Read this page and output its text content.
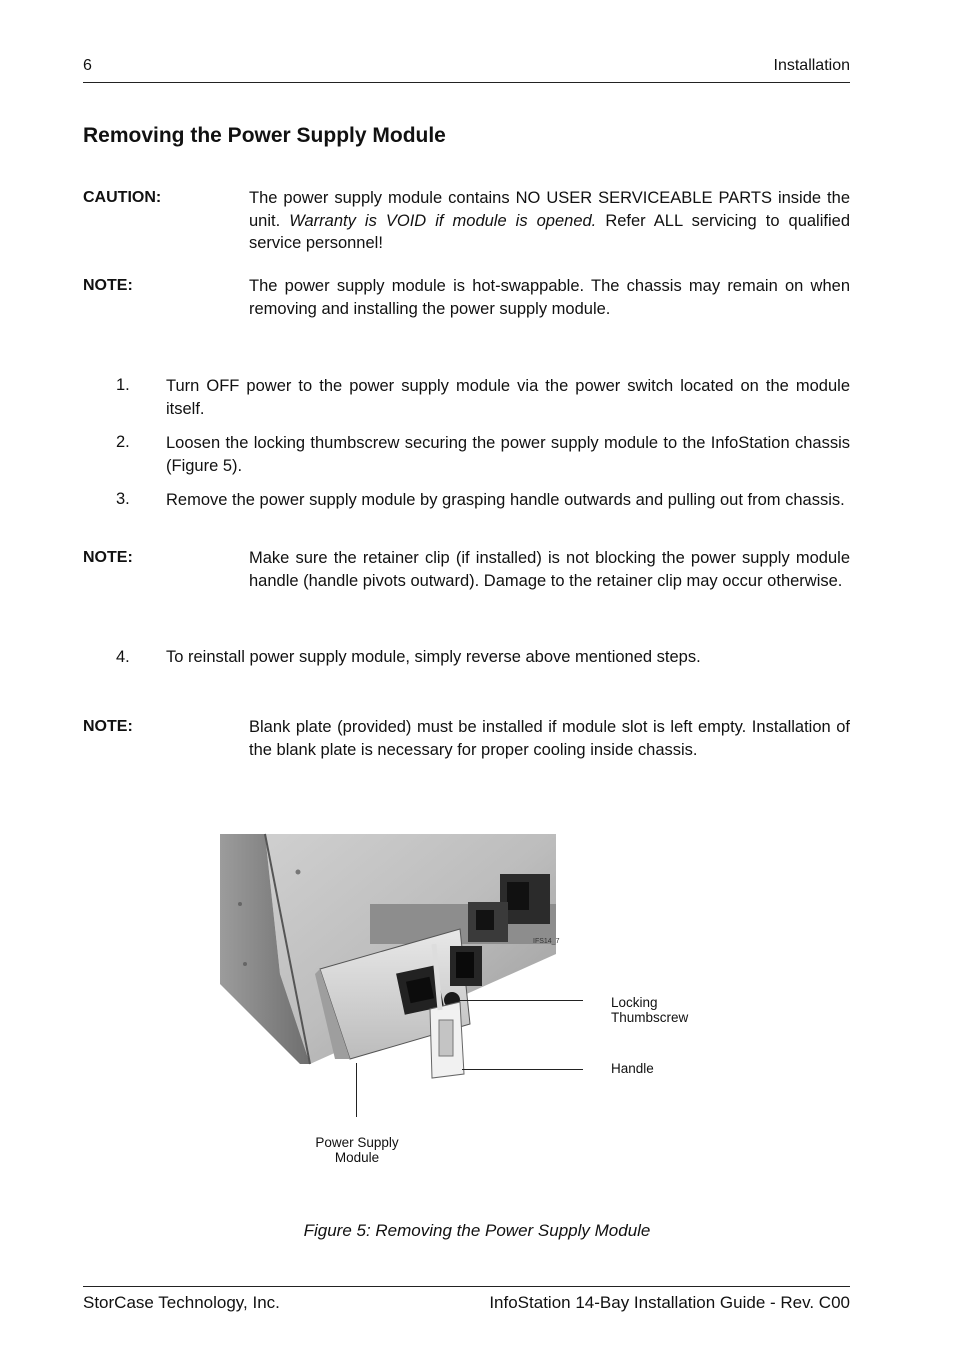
6	Installation
Removing the Power Supply Module
CAUTION:	The power supply module contains NO USER SERVICEABLE PARTS inside the unit. Warranty is VOID if module is opened. Refer ALL servicing to qualified service personnel!
NOTE:	The power supply module is hot-swappable. The chassis may remain on when removing and installing the power supply module.
1. Turn OFF power to the power supply module via the power switch located on the module itself.
2. Loosen the locking thumbscrew securing the power supply module to the InfoStation chassis (Figure 5).
3. Remove the power supply module by grasping handle outwards and pulling out from chassis.
NOTE:	Make sure the retainer clip (if installed) is not blocking the power supply module handle (handle pivots outward). Damage to the retainer clip may occur otherwise.
4. To reinstall power supply module, simply reverse above mentioned steps.
NOTE:	Blank plate (provided) must be installed if module slot is left empty. Installation of the blank plate is necessary for proper cooling inside chassis.
IFS14_7
Locking
Thumbscrew
Handle
Power Supply
Module
Figure 5: Removing the Power Supply Module
StorCase Technology, Inc.	InfoStation 14-Bay Installation Guide - Rev. C00
